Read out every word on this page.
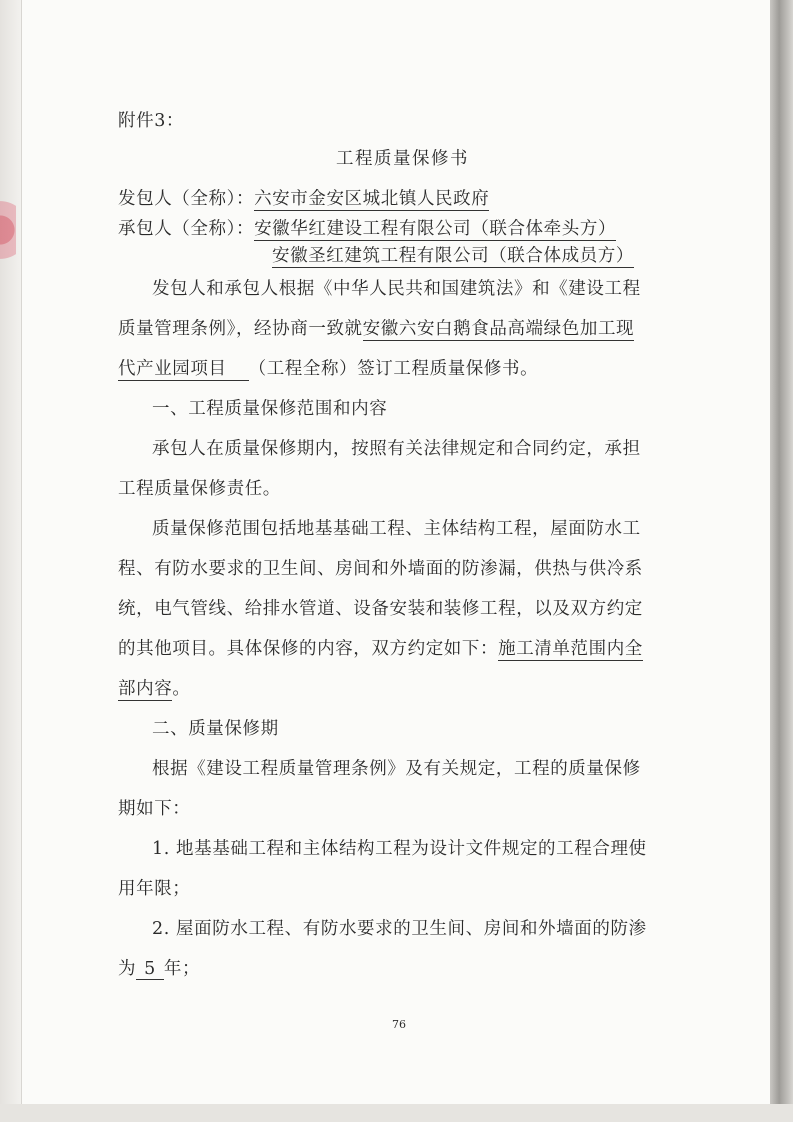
附件3：
工程质量保修书
发包人（全称）：六安市金安区城北镇人民政府
承包人（全称）：安徽华红建设工程有限公司（联合体牵头方）
安徽圣红建筑工程有限公司（联合体成员方）
发包人和承包人根据《中华人民共和国建筑法》和《建设工程
质量管理条例》，经协商一致就安徽六安白鹅食品高端绿色加工现
代产业园项目 （工程全称）签订工程质量保修书。
一、工程质量保修范围和内容
承包人在质量保修期内，按照有关法律规定和合同约定，承担
工程质量保修责任。
质量保修范围包括地基基础工程、主体结构工程，屋面防水工
程、有防水要求的卫生间、房间和外墙面的防渗漏，供热与供冷系
统，电气管线、给排水管道、设备安装和装修工程，以及双方约定
的其他项目。具体保修的内容，双方约定如下：施工清单范围内全
部内容。
二、质量保修期
根据《建设工程质量管理条例》及有关规定，工程的质量保修
期如下：
1. 地基基础工程和主体结构工程为设计文件规定的工程合理使
用年限；
2. 屋面防水工程、有防水要求的卫生间、房间和外墙面的防渗
为 5 年；
76
